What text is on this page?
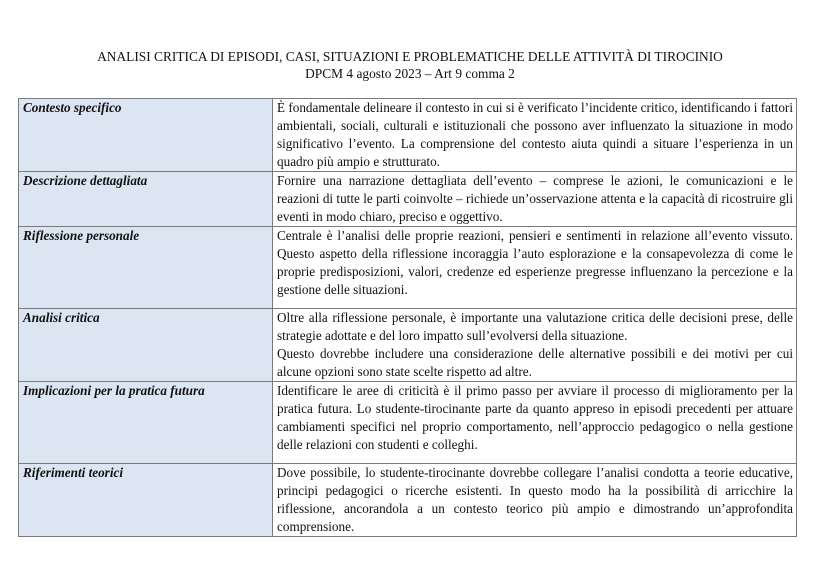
ANALISI CRITICA DI EPISODI, CASI, SITUAZIONI E PROBLEMATICHE DELLE ATTIVITÀ DI TIROCINIO
DPCM 4 agosto 2023 – Art 9 comma 2
Contesto specifico	È fondamentale delineare il contesto in cui si è verificato l’incidente critico, identificando i fattori ambientali, sociali, culturali e istituzionali che possono aver influenzato la situazione in modo significativo l’evento. La comprensione del contesto aiuta quindi a situare l’esperienza in un quadro più ampio e strutturato.

Descrizione dettagliata	Fornire una narrazione dettagliata dell’evento – comprese le azioni, le comunicazioni e le reazioni di tutte le parti coinvolte – richiede un’osservazione attenta e la capacità di ricostruire gli eventi in modo chiaro, preciso e oggettivo.

Riflessione personale	Centrale è l’analisi delle proprie reazioni, pensieri e sentimenti in relazione all’evento vissuto. Questo aspetto della riflessione incoraggia l’auto esplorazione e la consapevolezza di come le proprie predisposizioni, valori, credenze ed esperienze pregresse influenzano la percezione e la gestione delle situazioni.

Analisi critica	Oltre alla riflessione personale, è importante una valutazione critica delle decisioni prese, delle strategie adottate e del loro impatto sull’evolversi della situazione.

Questo dovrebbe includere una considerazione delle alternative possibili e dei motivi per cui alcune opzioni sono state scelte rispetto ad altre.

Implicazioni per la pratica futura	Identificare le aree di criticità è il primo passo per avviare il processo di miglioramento per la pratica futura. Lo studente-tirocinante parte da quanto appreso in episodi precedenti per attuare cambiamenti specifici nel proprio comportamento, nell’approccio pedagogico o nella gestione delle relazioni con studenti e colleghi.

Riferimenti teorici	Dove possibile, lo studente-tirocinante dovrebbe collegare l’analisi condotta a teorie educative, principi pedagogici o ricerche esistenti. In questo modo ha la possibilità di arricchire la riflessione, ancorandola a un contesto teorico più ampio e dimostrando un’approfondita comprensione.
